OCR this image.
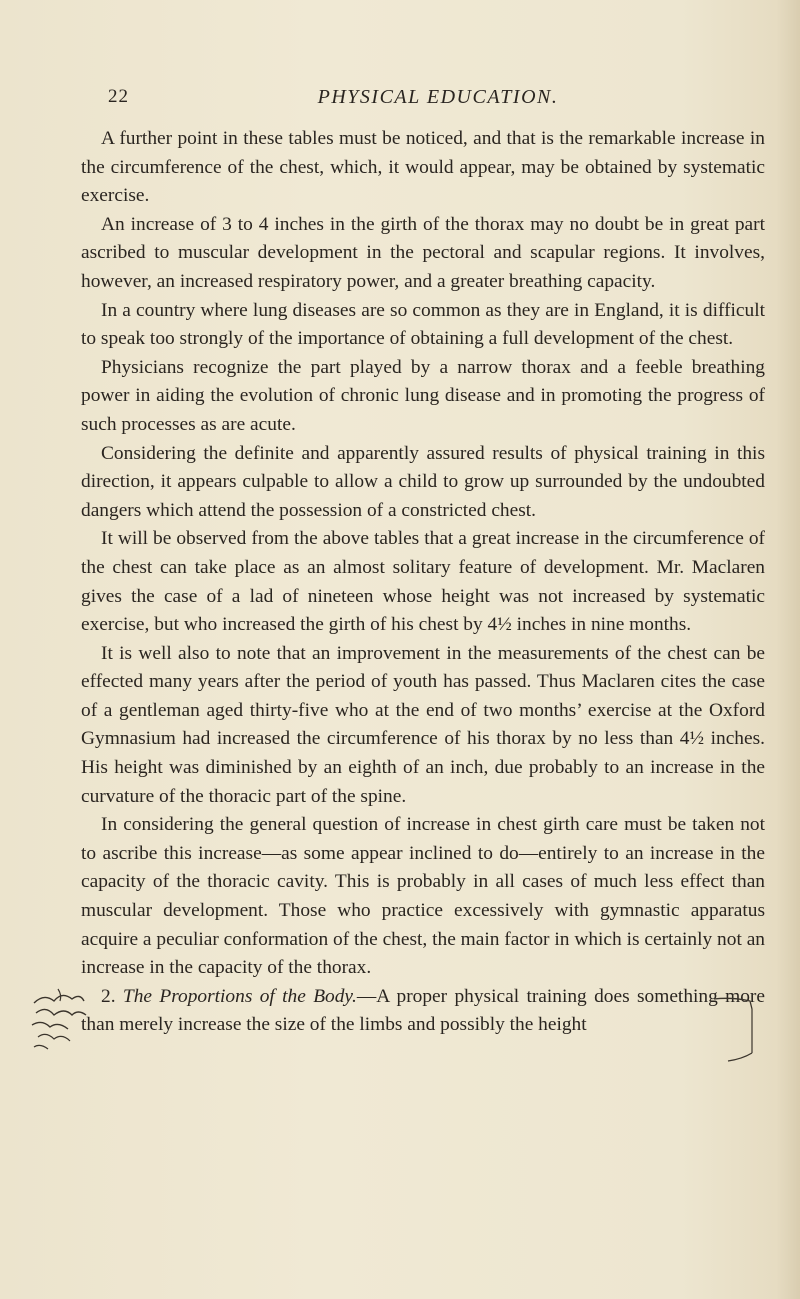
22	PHYSICAL EDUCATION.

A further point in these tables must be noticed, and that is the remarkable increase in the circumference of the chest, which, it would appear, may be obtained by systematic exercise.

An increase of 3 to 4 inches in the girth of the thorax may no doubt be in great part ascribed to muscular development in the pectoral and scapular regions. It involves, however, an increased respiratory power, and a greater breathing capacity.

In a country where lung diseases are so common as they are in England, it is difficult to speak too strongly of the importance of obtaining a full development of the chest.

Physicians recognize the part played by a narrow thorax and a feeble breathing power in aiding the evolution of chronic lung disease and in promoting the progress of such processes as are acute.

Considering the definite and apparently assured results of physical training in this direction, it appears culpable to allow a child to grow up surrounded by the undoubted dangers which attend the possession of a constricted chest.

It will be observed from the above tables that a great increase in the circumference of the chest can take place as an almost solitary feature of development. Mr. Maclaren gives the case of a lad of nineteen whose height was not increased by systematic exercise, but who increased the girth of his chest by 4½ inches in nine months.

It is well also to note that an improvement in the measurements of the chest can be effected many years after the period of youth has passed. Thus Maclaren cites the case of a gentleman aged thirty-five who at the end of two months’ exercise at the Oxford Gymnasium had increased the circumference of his thorax by no less than 4½ inches. His height was diminished by an eighth of an inch, due probably to an increase in the curvature of the thoracic part of the spine.

In considering the general question of increase in chest girth care must be taken not to ascribe this increase—as some appear inclined to do—entirely to an increase in the capacity of the thoracic cavity. This is probably in all cases of much less effect than muscular development. Those who practice excessively with gymnastic apparatus acquire a peculiar conformation of the chest, the main factor in which is certainly not an increase in the capacity of the thorax.

2. The Proportions of the Body.—A proper physical training does something more than merely increase the size of the limbs and possibly the height
